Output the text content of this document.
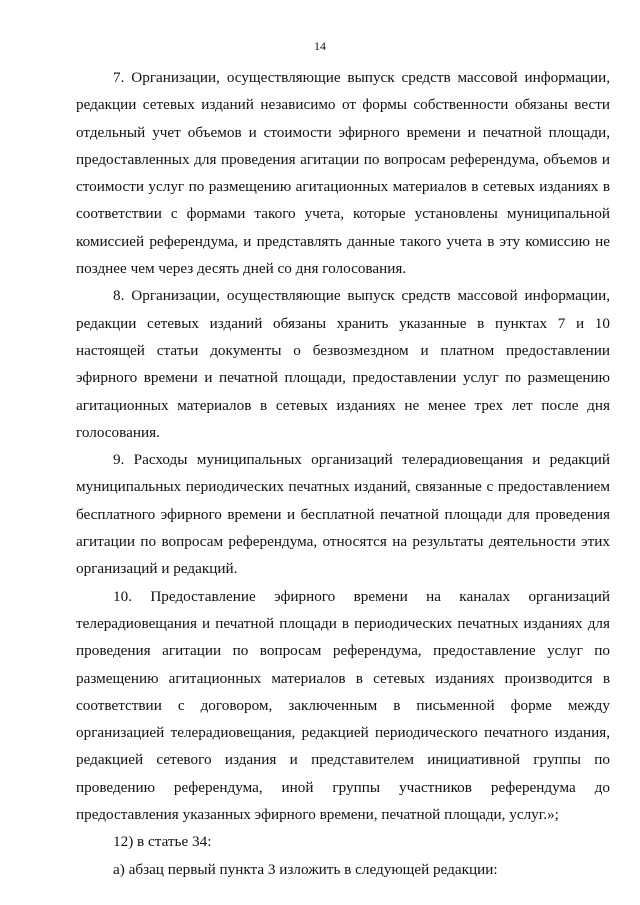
14

7. Организации, осуществляющие выпуск средств массовой информации, редакции сетевых изданий независимо от формы собственности обязаны вести отдельный учет объемов и стоимости эфирного времени и печатной площади, предоставленных для проведения агитации по вопросам референдума, объемов и стоимости услуг по размещению агитационных материалов в сетевых изданиях в соответствии с формами такого учета, которые установлены муниципальной комиссией референдума, и представлять данные такого учета в эту комиссию не позднее чем через десять дней со дня голосования.

8. Организации, осуществляющие выпуск средств массовой информации, редакции сетевых изданий обязаны хранить указанные в пунктах 7 и 10 настоящей статьи документы о безвозмездном и платном предоставлении эфирного времени и печатной площади, предоставлении услуг по размещению агитационных материалов в сетевых изданиях не менее трех лет после дня голосования.

9. Расходы муниципальных организаций телерадиовещания и редакций муниципальных периодических печатных изданий, связанные с предоставлением бесплатного эфирного времени и бесплатной печатной площади для проведения агитации по вопросам референдума, относятся на результаты деятельности этих организаций и редакций.

10. Предоставление эфирного времени на каналах организаций телерадиовещания и печатной площади в периодических печатных изданиях для проведения агитации по вопросам референдума, предоставление услуг по размещению агитационных материалов в сетевых изданиях производится в соответствии с договором, заключенным в письменной форме между организацией телерадиовещания, редакцией периодического печатного издания, редакцией сетевого издания и представителем инициативной группы по проведению референдума, иной группы участников референдума до предоставления указанных эфирного времени, печатной площади, услуг.»;

12) в статье 34:

а) абзац первый пункта 3 изложить в следующей редакции:
